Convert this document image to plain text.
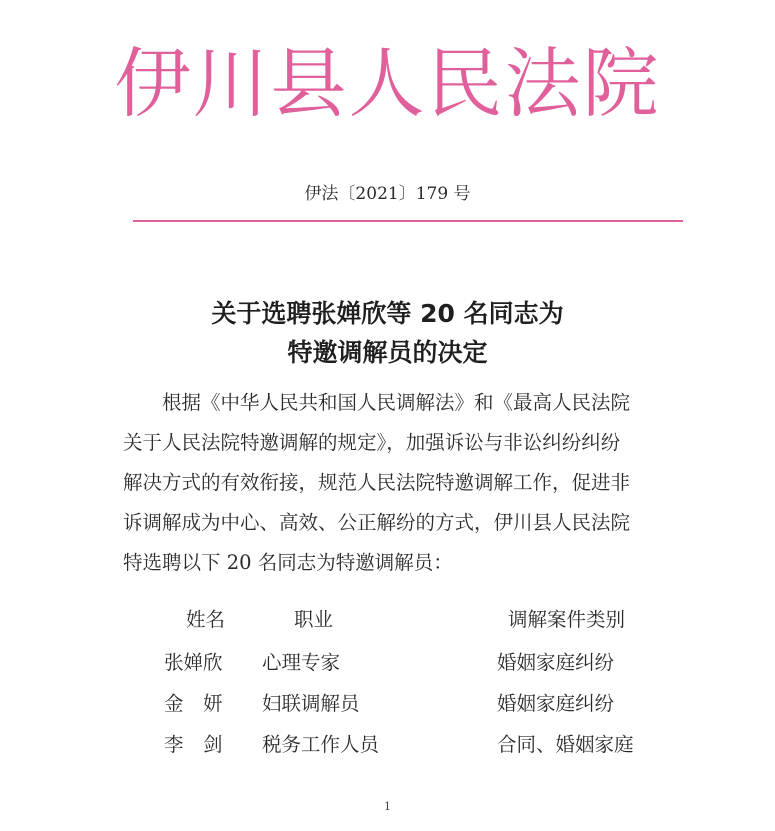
伊川县人民法院
伊法〔2021〕179 号
关于选聘张婵欣等 20 名同志为
特邀调解员的决定
　　根据《中华人民共和国人民调解法》和《最高人民法院
关于人民法院特邀调解的规定》，加强诉讼与非讼纠纷纠纷
解决方式的有效衔接，规范人民法院特邀调解工作，促进非
诉调解成为中心、高效、公正解纷的方式，伊川县人民法院
特选聘以下 20 名同志为特邀调解员：
姓名	职业	调解案件类别
张婵欣 心理专家	婚姻家庭纠纷
金　妍 妇联调解员	婚姻家庭纠纷
李　剑 税务工作人员	合同、婚姻家庭
1
